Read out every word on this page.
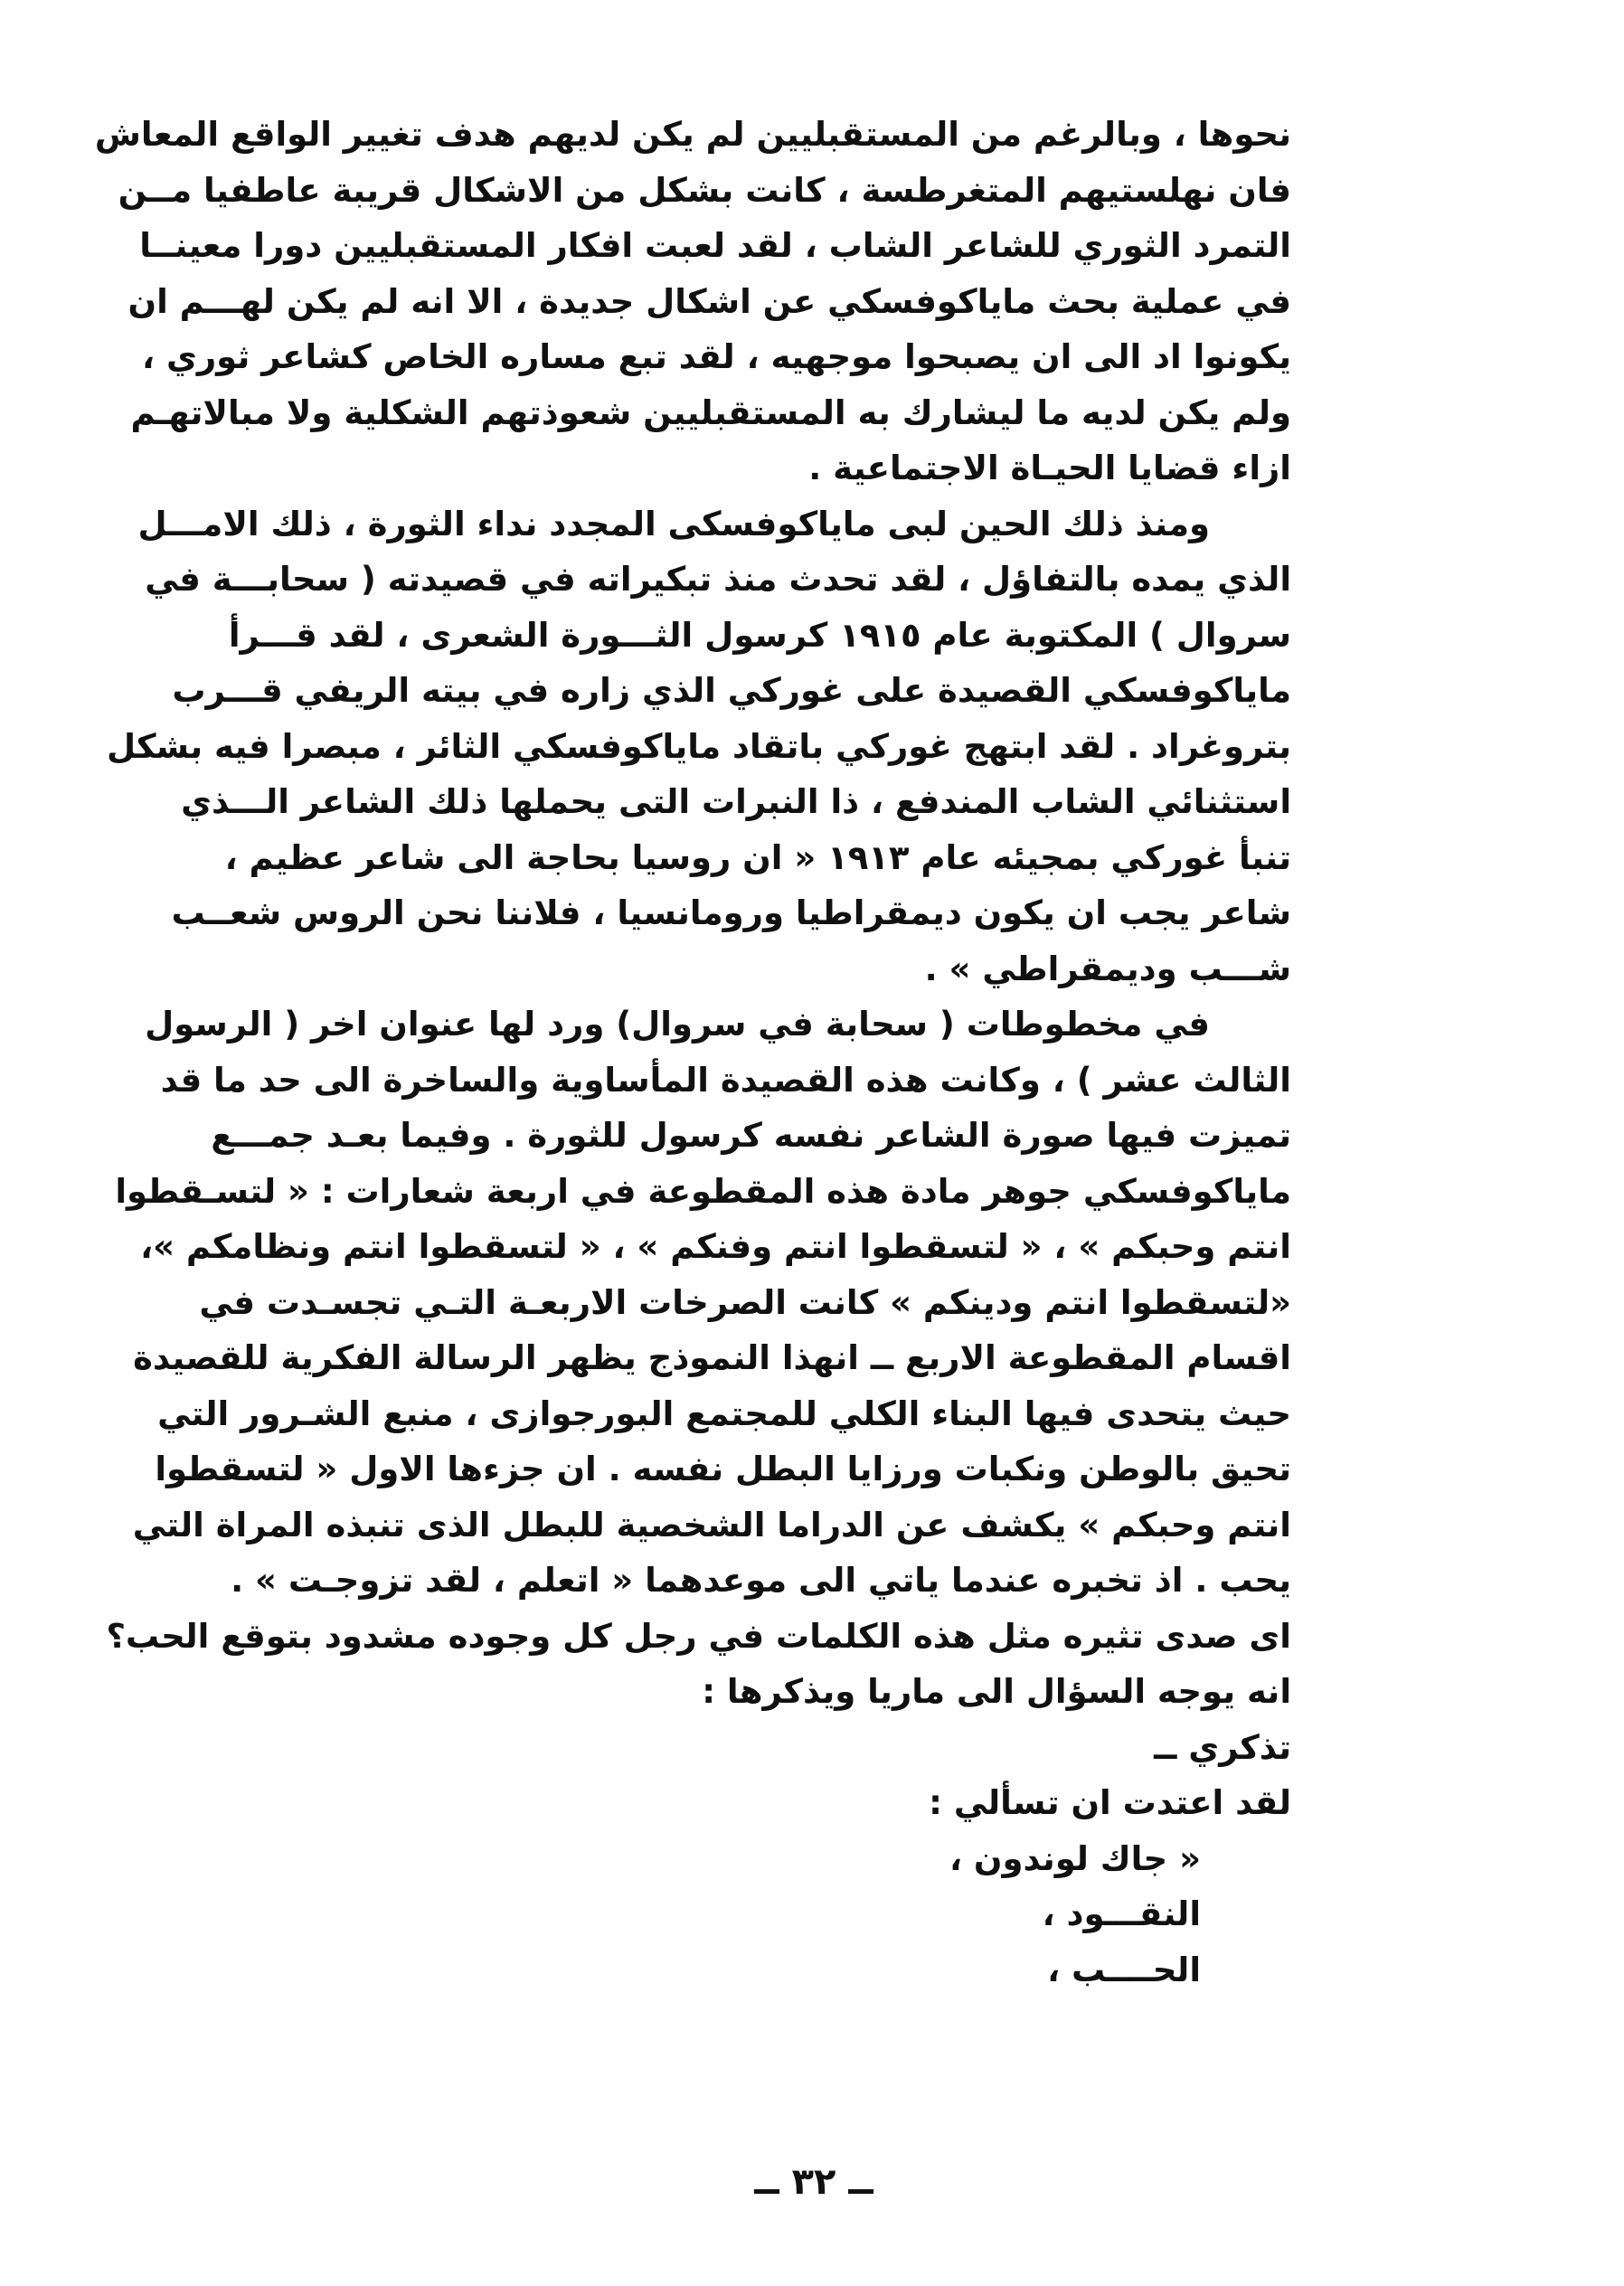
نحوها ، وبالرغم من المستقبليين لم يكن لديهم هدف تغيير الواقع المعاش
فان نهلستيهم المتغرطسة ، كانت بشكل من الاشكال قريبة عاطفيا مــن
التمرد الثوري للشاعر الشاب ، لقد لعبت افكار المستقبليين دورا معينــا
في عملية بحث ماياكوفسكي عن اشكال جديدة ، الا انه لم يكن لهـــم ان
يكونوا اد الى ان يصبحوا موجهيه ، لقد تبع مساره الخاص كشاعر ثوري ،
ولم يكن لديه ما ليشارك به المستقبليين شعوذتهم الشكلية ولا مبالاتهـم
ازاء قضايا الحيـاة الاجتماعية .
ومنذ ذلك الحين لبى ماياكوفسكى المجدد نداء الثورة ، ذلك الامـــل
الذي يمده بالتفاؤل ، لقد تحدث منذ تبكيراته في قصيدته ( سحابـــة في
سروال ) المكتوبة عام ١٩١٥ كرسول الثـــورة الشعرى ، لقد قـــرأ
ماياكوفسكي القصيدة على غوركي الذي زاره في بيته الريفي قـــرب
بتروغراد . لقد ابتهج غوركي باتقاد ماياكوفسكي الثائر ، مبصرا فيه بشكل
استثنائي الشاب المندفع ، ذا النبرات التى يحملها ذلك الشاعر الـــذي
تنبأ غوركي بمجيئه عام ١٩١٣ « ان روسيا بحاجة الى شاعر عظيم ،
شاعر يجب ان يكون ديمقراطيا ورومانسيا ، فلاننا نحن الروس شعــب
شـــب وديمقراطي » .
في مخطوطات ( سحابة في سروال) ورد لها عنوان اخر ( الرسول
الثالث عشر ) ، وكانت هذه القصيدة المأساوية والساخرة الى حد ما قد
تميزت فيها صورة الشاعر نفسه كرسول للثورة . وفيما بعـد جمـــع
ماياكوفسكي جوهر مادة هذه المقطوعة في اربعة شعارات : « لتسـقطوا
انتم وحبكم » ، « لتسقطوا انتم وفنكم » ، « لتسقطوا انتم ونظامكم »،
«لتسقطوا انتم ودينكم » كانت الصرخات الاربعـة التـي تجسـدت في
اقسام المقطوعة الاربع ــ انهذا النموذج يظهر الرسالة الفكرية للقصيدة
حيث يتحدى فيها البناء الكلي للمجتمع البورجوازى ، منبع الشـرور التي
تحيق بالوطن ونكبات ورزايا البطل نفسه . ان جزءها الاول « لتسقطوا
انتم وحبكم » يكشف عن الدراما الشخصية للبطل الذى تنبذه المراة التي
يحب . اذ تخبره عندما ياتي الى موعدهما « اتعلم ، لقد تزوجـت » .
اى صدى تثيره مثل هذه الكلمات في رجل كل وجوده مشدود بتوقع الحب؟
انه يوجه السؤال الى ماريا ويذكرها :
تذكري ــ
لقد اعتدت ان تسألي :
« جاك لوندون ،
النقـــود ،
الحــــب ،
ــ ٣٢ ــ
